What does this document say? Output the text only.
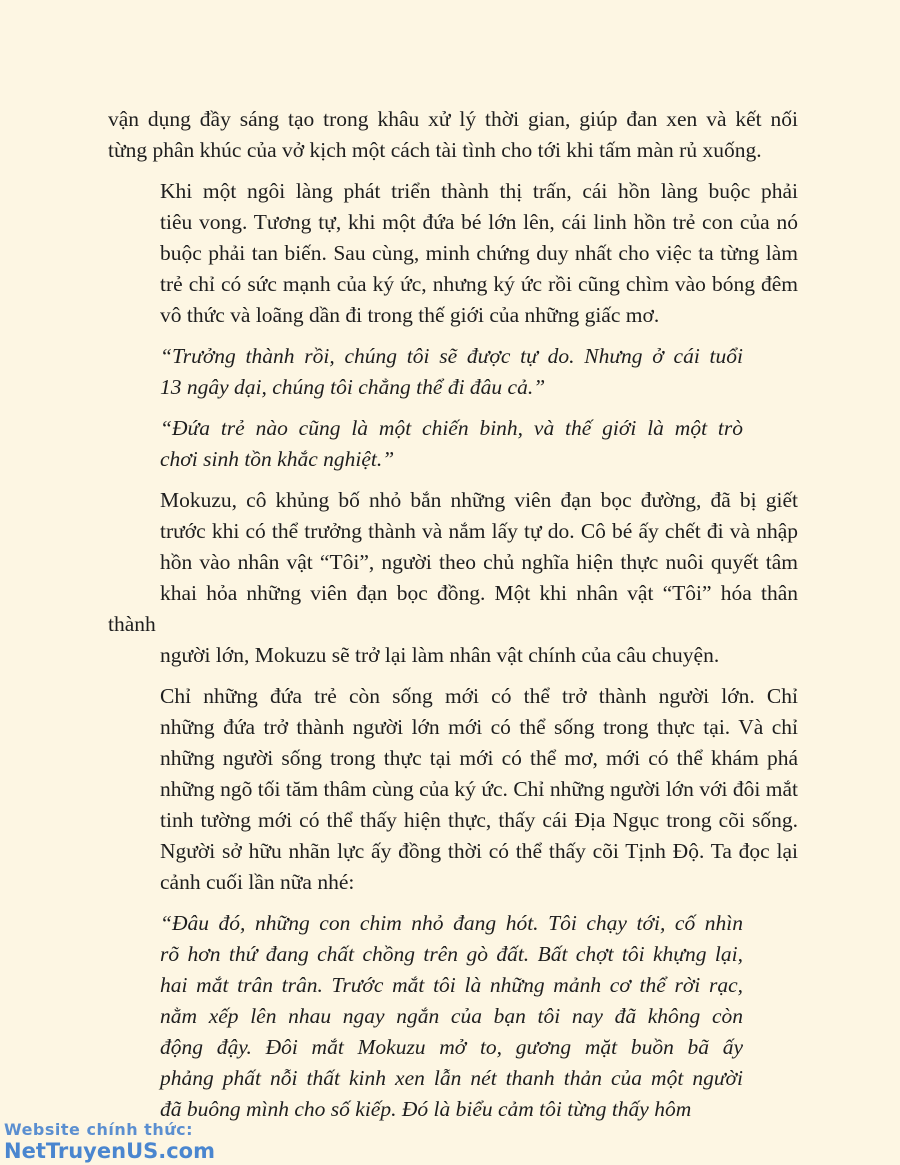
vận dụng đầy sáng tạo trong khâu xử lý thời gian, giúp đan xen và kết nối
từng phân khúc của vở kịch một cách tài tình cho tới khi tấm màn rủ xuống.
Khi một ngôi làng phát triển thành thị trấn, cái hồn làng buộc phải
tiêu vong. Tương tự, khi một đứa bé lớn lên, cái linh hồn trẻ con của nó
buộc phải tan biến. Sau cùng, minh chứng duy nhất cho việc ta từng làm
trẻ chỉ có sức mạnh của ký ức, nhưng ký ức rồi cũng chìm vào bóng đêm
vô thức và loãng dần đi trong thế giới của những giấc mơ.
“Trưởng thành rồi, chúng tôi sẽ được tự do. Nhưng ở cái tuổi
13 ngây dại, chúng tôi chẳng thể đi đâu cả.”
“Đứa trẻ nào cũng là một chiến binh, và thế giới là một trò
chơi sinh tồn khắc nghiệt.”
Mokuzu, cô khủng bố nhỏ bắn những viên đạn bọc đường, đã bị giết
trước khi có thể trưởng thành và nắm lấy tự do. Cô bé ấy chết đi và nhập
hồn vào nhân vật “Tôi”, người theo chủ nghĩa hiện thực nuôi quyết tâm
khai hỏa những viên đạn bọc đồng. Một khi nhân vật “Tôi” hóa thân thành
người lớn, Mokuzu sẽ trở lại làm nhân vật chính của câu chuyện.
Chỉ những đứa trẻ còn sống mới có thể trở thành người lớn. Chỉ
những đứa trở thành người lớn mới có thể sống trong thực tại. Và chỉ
những người sống trong thực tại mới có thể mơ, mới có thể khám phá
những ngõ tối tăm thâm cùng của ký ức. Chỉ những người lớn với đôi mắt
tinh tường mới có thể thấy hiện thực, thấy cái Địa Ngục trong cõi sống.
Người sở hữu nhãn lực ấy đồng thời có thể thấy cõi Tịnh Độ. Ta đọc lại
cảnh cuối lần nữa nhé:
“Đâu đó, những con chim nhỏ đang hót. Tôi chạy tới, cố nhìn
rõ hơn thứ đang chất chồng trên gò đất. Bất chợt tôi khựng lại,
hai mắt trân trân. Trước mắt tôi là những mảnh cơ thể rời rạc,
nằm xếp lên nhau ngay ngắn của bạn tôi nay đã không còn
động đậy. Đôi mắt Mokuzu mở to, gương mặt buồn bã ấy
phảng phất nỗi thất kinh xen lẫn nét thanh thản của một người
đã buông mình cho số kiếp. Đó là biểu cảm tôi từng thấy hôm
Website chính thức:
NetTruyenUS.com
